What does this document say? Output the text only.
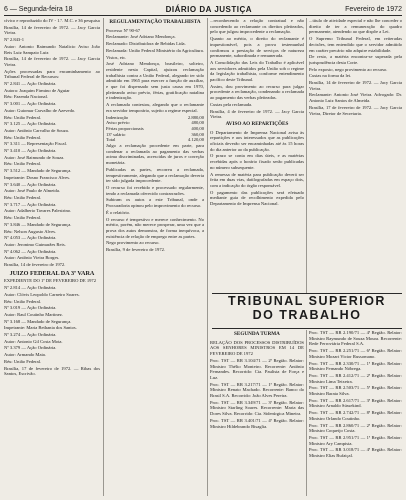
6 — Segunda-feira 18	DIÁRIO DA JUSTIÇA	Fevereiro de 1972

cívico e reproduzido do IV - 1.º. M.C. e 36 pesquisa

Brasília, 14 de fevereiro de 1972. — Jacy Garcia Vieira.

Nº 2.843-1

Autor: Antonio Raimundo Natalicio Aviso João Reis Luiz Sampaio Luiz

Brasília, 14 de fevereiro de 1972. — Jacy Garcia Vieira.

Ações processadas para encaminhamento ao Tribunal Federal de Recursos:

Nº 2.841 — Ação Ordinária.

Autora: Joaquim Firmino de Aguiar

Réu: Fazenda Nacional.

Nº 3.001 — Ação Ordinária.

Autor: Guiomar Carvalho de Azevedo.

Réu: União Federal.

Nº 3.125 — Ação Ordinária.

Autor: Antônio Carvalho de Souza.

Réu: União Federal.

Nº 3.311 — Representação Fiscal.

Nº 3.410 — Ação Ordinária.

Autor: José Raimundo de Souza.

Réu: União Federal.

Nº 3.512 — Mandado de Segurança.

Impetrante: Dosno Francisco Alves.

Nº 3.640 — Ação Ordinária.

Autor: José Paulo de Almeida.

Réu: União Federal.

Nº 3.717 — Ação Ordinária.

Autor: Adalberto Tavares Palestrino.

Réu: União Federal.

Nº 3.846 — Mandado de Segurança.

Réu: Nelson Augusto Alves.

Nº 4.053 — Ação Ordinária.

Autor: Jeronimo Guimarães Reis.

Nº 4.062 — Ação Ordinária.

Autor: Antônio Vieira Borges.

Brasília, 14 de fevereiro de 1972.

JUIZO FEDERAL DA 3ª VARA

EXPEDIENTE DO 1º DE FEVEREIRO DE 1972

Nº 2.814 — Ação Ordinária.

Autor: Clóvis Leopoldo Carneiro Soares.

Réu: União Federal.

Nº 3.019 — Ação Ordinária.

Autor: Raul Coutinho Martinez.

Nº 3.168 — Mandado de Segurança.

Impetrante: Maria Bethania dos Santos.

Nº 3.274 — Ação Ordinária.

Autor: Antonio Gil Costa Mota.

Nº 3.379 — Ação Ordinária.

Autor: Armando Maia.

Réu: União Federal.

Brasília, 17 de fevereiro de 1972. — Ribas dos Santos, Escrivão.

REGULAMENTAÇÃO TRABALHISTA

Processo Nº 90-67

Reclamante: José Adriano Mendonça.

Reclamado: Distribuidora de Bebidas Ltda.

Reclamada: União Federal Ministério da Agricultura.

Vistos, etc.

José Adriano Mendonça, brasileiro, solteiro, residente nesta Capital, ajuizou reclamação trabalhista contra a União Federal, alegando ter sido admitido em 1965 para exercer a função de auxiliar, e que foi dispensado sem justa causa em 1970, pleiteando aviso prévio, férias, gratificação natalina e indenização.

A reclamada contestou, alegando que o reclamante era servidor temporário, sujeito a regime especial.

Indenização	2.880,00
Aviso prévio	480,00
Férias proporcionais	400,00
13º salário	360,00
Total	4.120,00

Julgo a reclamação procedente em parte, para condenar a reclamada ao pagamento das verbas acima discriminadas, acrescidas de juros e correção monetária.

Publicadas as partes, recorreu a reclamada, tempestivamente, alegando que a reclamação deveria ter sido julgada improcedente.

O recurso foi recebido e processado regularmente, tendo a reclamada oferecido contrarrazões.

Subiram os autos a este Tribunal, onde a Procuradoria opinou pelo improvimento do recurso.

É o relatório.

O recurso é tempestivo e merece conhecimento. No mérito, porém, não merece prosperar, uma vez que a prova dos autos demonstra, de forma inequívoca, a existência de relação de emprego entre as partes.

Nego provimento ao recurso.

Brasília, 9 de fevereiro de 1972.

...reconhecendo a relação contratual e não concedendo ao reclamante os direitos pleiteados, pelo que julgou improcedente a reclamação.

Quanto ao mérito, o direito do reclamante é inquestionável, pois a prova testemunhal confirmou a prestação de serviços de natureza permanente, subordinada e remunerada.

A Consolidação das Leis do Trabalho é aplicável aos servidores admitidos pela União sob o regime da legislação trabalhista, conforme entendimento pacífico deste Tribunal.

Assim, dou provimento ao recurso para julgar procedente a reclamação, condenando a reclamada ao pagamento das verbas pleiteadas.

Custas pela reclamada.

Brasília, 4 de fevereiro de 1972. — Jacy Garcia Vieira.

AVISO AO REPARTIÇÕES

O Departamento de Imprensa Nacional avisa às repartições e aos interessados que as publicações oficiais deverão ser encaminhadas até às 15 horas do dia anterior ao da publicação.

O prazo se conta em dias úteis, e as matérias recebidas após o horário fixado serão publicadas no número subsequente.

A remessa de matéria para publicação deverá ser feita em duas vias, datilografadas em espaço dois, com a indicação do órgão responsável.

O pagamento das publicações será efetuado mediante guia de recolhimento expedida pelo Departamento de Imprensa Nacional.

...titulo de atividade especial e não lhe conceder o direito de ter a remuneração do quadro permanente, atendendo ao que dispõe a Lei.

O Supremo Tribunal Federal, em reiteradas decisões, tem entendido que o servidor admitido em caráter precário não adquire estabilidade.

De resto, a matéria encontra-se superada pela jurisprudência desta Corte.

Pelo exposto, nego provimento ao recurso.

Custas na forma da lei.

Brasília, 14 de fevereiro de 1972. — Jacy Garcia Vieira.

Reclamante: Antonio José Vieira. Advogado: Dr. Antonio Luiz Santos de Almeida.

Brasília, 17 de fevereiro de 1972. — Jacy Garcia Vieira, Diretor de Secretaria.

TRIBUNAL SUPERIOR
DO TRABALHO

SEGUNDA TURMA

RELAÇÃO DOS PROCESSOS DISTRIBUÍDOS AOS SENHORES MINISTROS EM 14 DE FEVEREIRO DE 1972

Proc. TST — RR 3.104/71 — 2ª Região. Relator: Ministro Thélio Monteiro. Recorrente: Antônio Fernandes. Recorrido: Cia. Paulista de Força e Luz.

Proc. TST — RR 3.217/71 — 1ª Região. Relator: Ministro Renato Machado. Recorrente: Banco do Brasil S.A. Recorrido: João Alves Pereira.

Proc. TST — RR 3.349/71 — 3ª Região. Relator: Ministro Starling Soares. Recorrente: Maria das Dores Silva. Recorrido: Cia. Siderúrgica Mineira.

Proc. TST — RR 3.401/71 — 4ª Região. Relator: Ministro Hildebrando Bisaglia.

Proc. TST — RR 2.190/71 — 4ª Região. Relator: Ministro Raymundo de Souza Moura. Recorrente: Rede Ferroviária Federal S.A.

Proc. TST — RR 2.251/71 — 6ª Região. Relator: Ministro Mozart Victor Russomano.

Proc. TST — RR 2.330/71 — 1ª Região. Relator: Ministro Fernando Nóbrega.

Proc. TST — RR 2.412/71 — 2ª Região. Relator: Ministro Lima Teixeira.

Proc. TST — RR 2.503/71 — 5ª Região. Relator: Ministro Barata Silva.

Proc. TST — RR 2.617/71 — 3ª Região. Relator: Ministro Arnaldo Süssekind.

Proc. TST — RR 2.742/71 — 8ª Região. Relator: Ministro Orlando Coutinho.

Proc. TST — RR 2.860/71 — 2ª Região. Relator: Ministro Coqueijo Costa.

Proc. TST — RR 2.951/71 — 1ª Região. Relator: Ministro Ary Campista.

Proc. TST — RR 3.018/71 — 4ª Região. Relator: Ministro Elias Bufaiçal.
